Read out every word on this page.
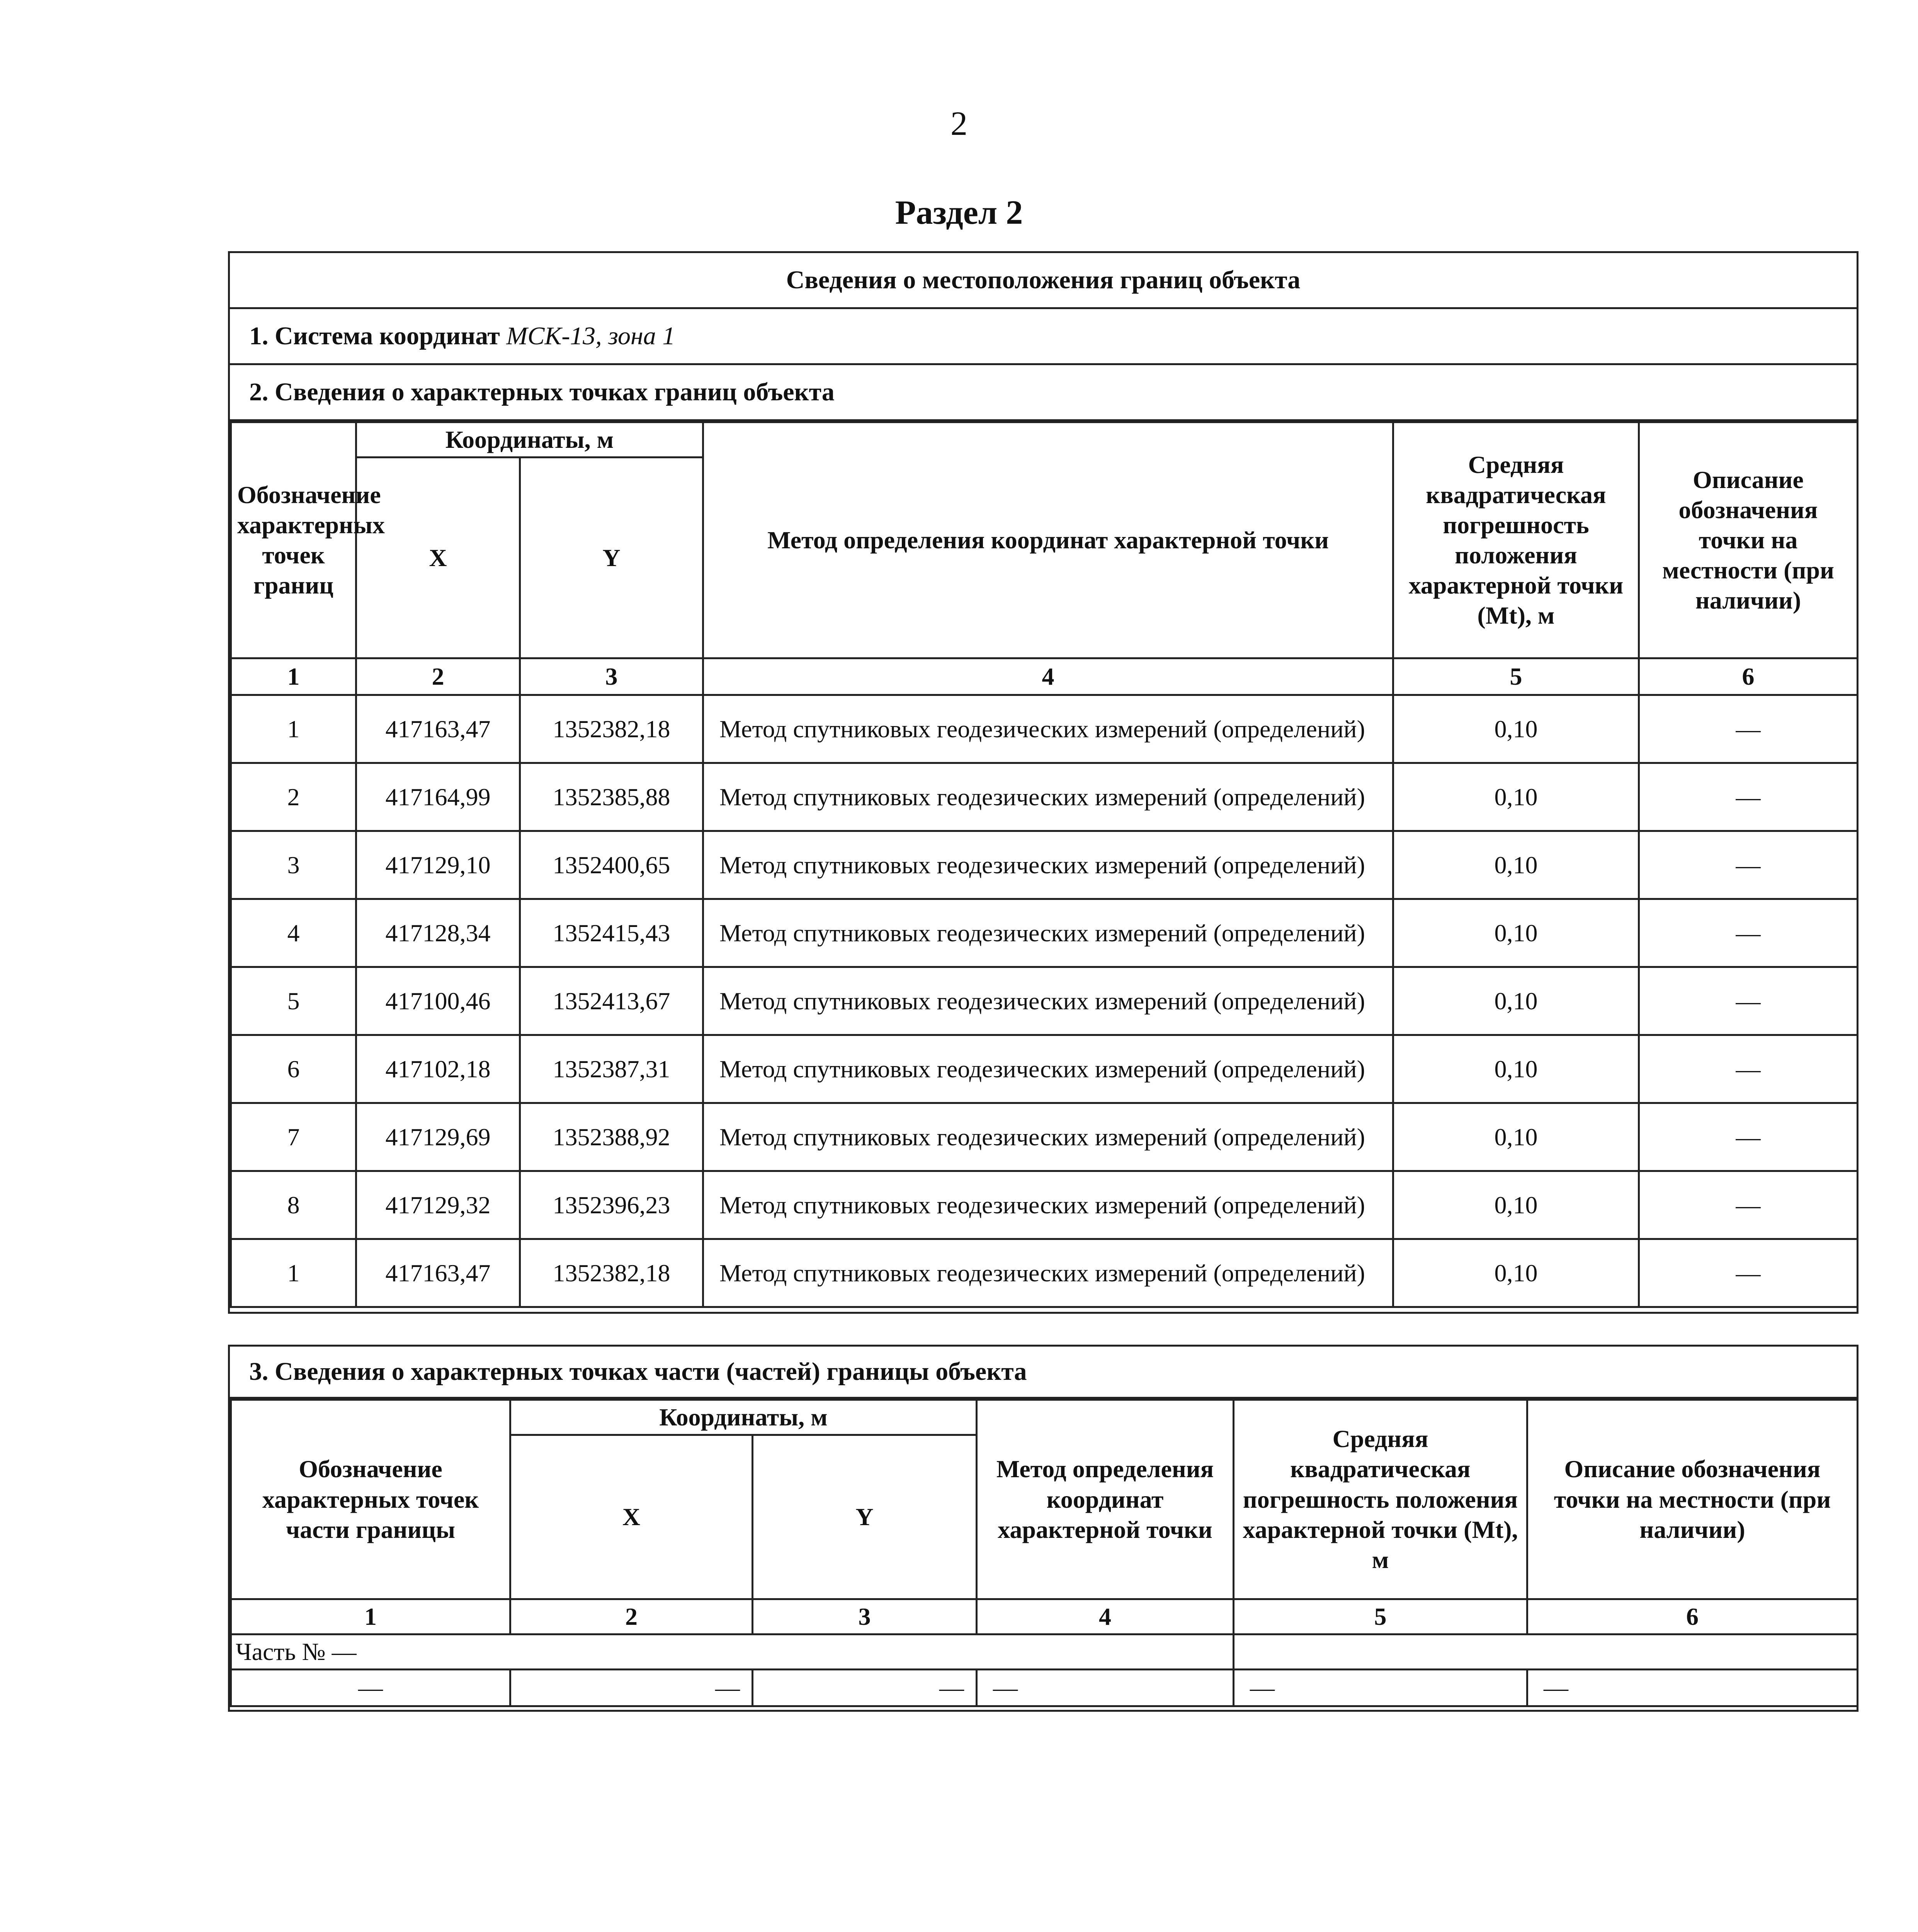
2
Раздел 2
Сведения о местоположения границ объекта
1. Система координат
МСК-13, зона 1
2. Сведения о характерных точках границ объекта
Обозначение характерных точек границ	Координаты, м		Метод определения координат характерной точки	Средняя квадратическая погрешность положения характерной точки (Mt), м	Описание обозначения точки на местности (при наличии)
	X	Y			
1	2	3	4	5	6
1	417163,47	1352382,18	Метод спутниковых геодезических измерений (определений)	0,10	—
2	417164,99	1352385,88	Метод спутниковых геодезических измерений (определений)	0,10	—
3	417129,10	1352400,65	Метод спутниковых геодезических измерений (определений)	0,10	—
4	417128,34	1352415,43	Метод спутниковых геодезических измерений (определений)	0,10	—
5	417100,46	1352413,67	Метод спутниковых геодезических измерений (определений)	0,10	—
6	417102,18	1352387,31	Метод спутниковых геодезических измерений (определений)	0,10	—
7	417129,69	1352388,92	Метод спутниковых геодезических измерений (определений)	0,10	—
8	417129,32	1352396,23	Метод спутниковых геодезических измерений (определений)	0,10	—
1	417163,47	1352382,18	Метод спутниковых геодезических измерений (определений)	0,10	—
3. Сведения о характерных точках части (частей) границы объекта
Обозначение характерных точек части границы	Координаты, м		Метод определения координат характерной точки	Средняя квадратическая погрешность положения характерной точки (Mt), м	Описание обозначения точки на местности (при наличии)
	X	Y			
1	2	3	4	5	6
Часть № —					
—	—	—	—	—	—
